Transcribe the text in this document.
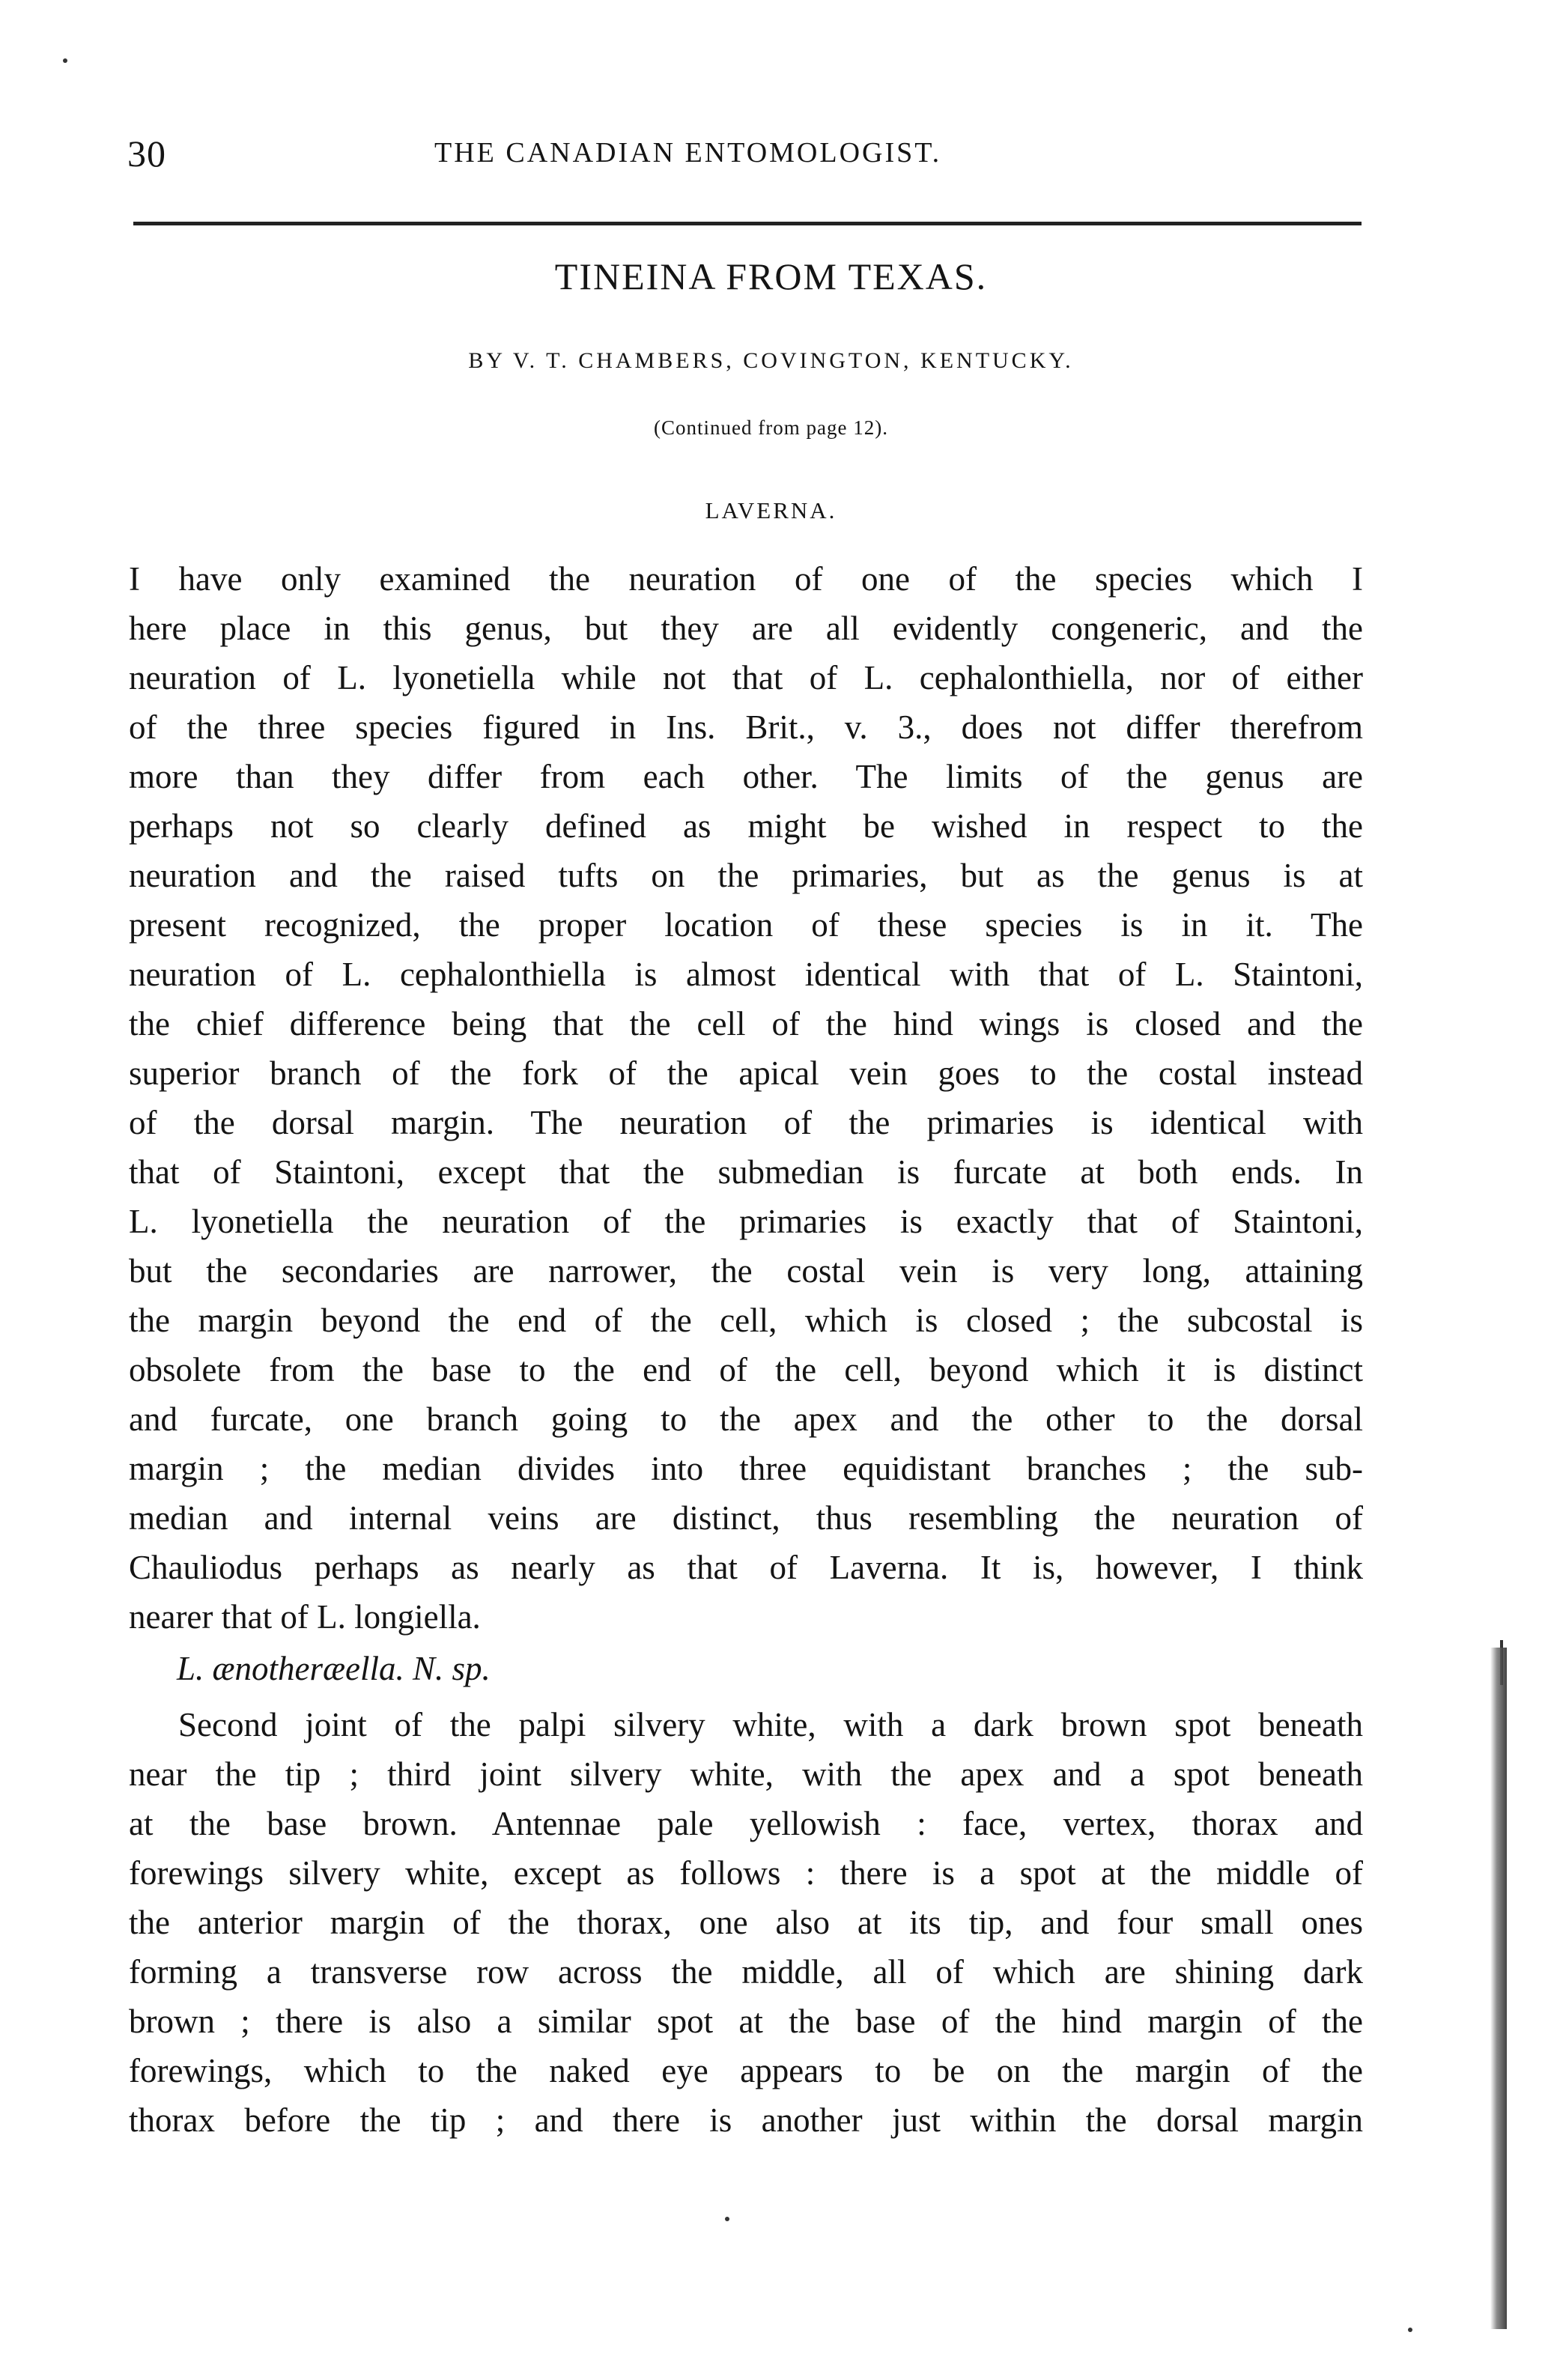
30	THE CANADIAN ENTOMOLOGIST.
TINEINA FROM TEXAS.
BY V. T. CHAMBERS, COVINGTON, KENTUCKY.
(Continued from page 12).
LAVERNA.
I have only examined the neuration of one of the species which I
here place in this genus, but they are all evidently congeneric, and the
neuration of L. lyonetiella while not that of L. cephalonthiella, nor of either
of the three species figured in Ins. Brit., v. 3., does not differ therefrom
more than they differ from each other. The limits of the genus are
perhaps not so clearly defined as might be wished in respect to the
neuration and the raised tufts on the primaries, but as the genus is at
present recognized, the proper location of these species is in it. The
neuration of L. cephalonthiella is almost identical with that of L. Staintoni,
the chief difference being that the cell of the hind wings is closed and the
superior branch of the fork of the apical vein goes to the costal instead
of the dorsal margin. The neuration of the primaries is identical with
that of Staintoni, except that the submedian is furcate at both ends. In
L. lyonetiella the neuration of the primaries is exactly that of Staintoni,
but the secondaries are narrower, the costal vein is very long, attaining
the margin beyond the end of the cell, which is closed ; the subcostal is
obsolete from the base to the end of the cell, beyond which it is distinct
and furcate, one branch going to the apex and the other to the dorsal
margin ; the median divides into three equidistant branches ; the sub-
median and internal veins are distinct, thus resembling the neuration of
Chauliodus perhaps as nearly as that of Laverna. It is, however, I think
nearer that of L. longiella.
L. ænotheræella. N. sp.
Second joint of the palpi silvery white, with a dark brown spot beneath
near the tip ; third joint silvery white, with the apex and a spot beneath
at the base brown. Antennae pale yellowish : face, vertex, thorax and
forewings silvery white, except as follows : there is a spot at the middle of
the anterior margin of the thorax, one also at its tip, and four small ones
forming a transverse row across the middle, all of which are shining dark
brown ; there is also a similar spot at the base of the hind margin of the
forewings, which to the naked eye appears to be on the margin of the
thorax before the tip ; and there is another just within the dorsal margin
